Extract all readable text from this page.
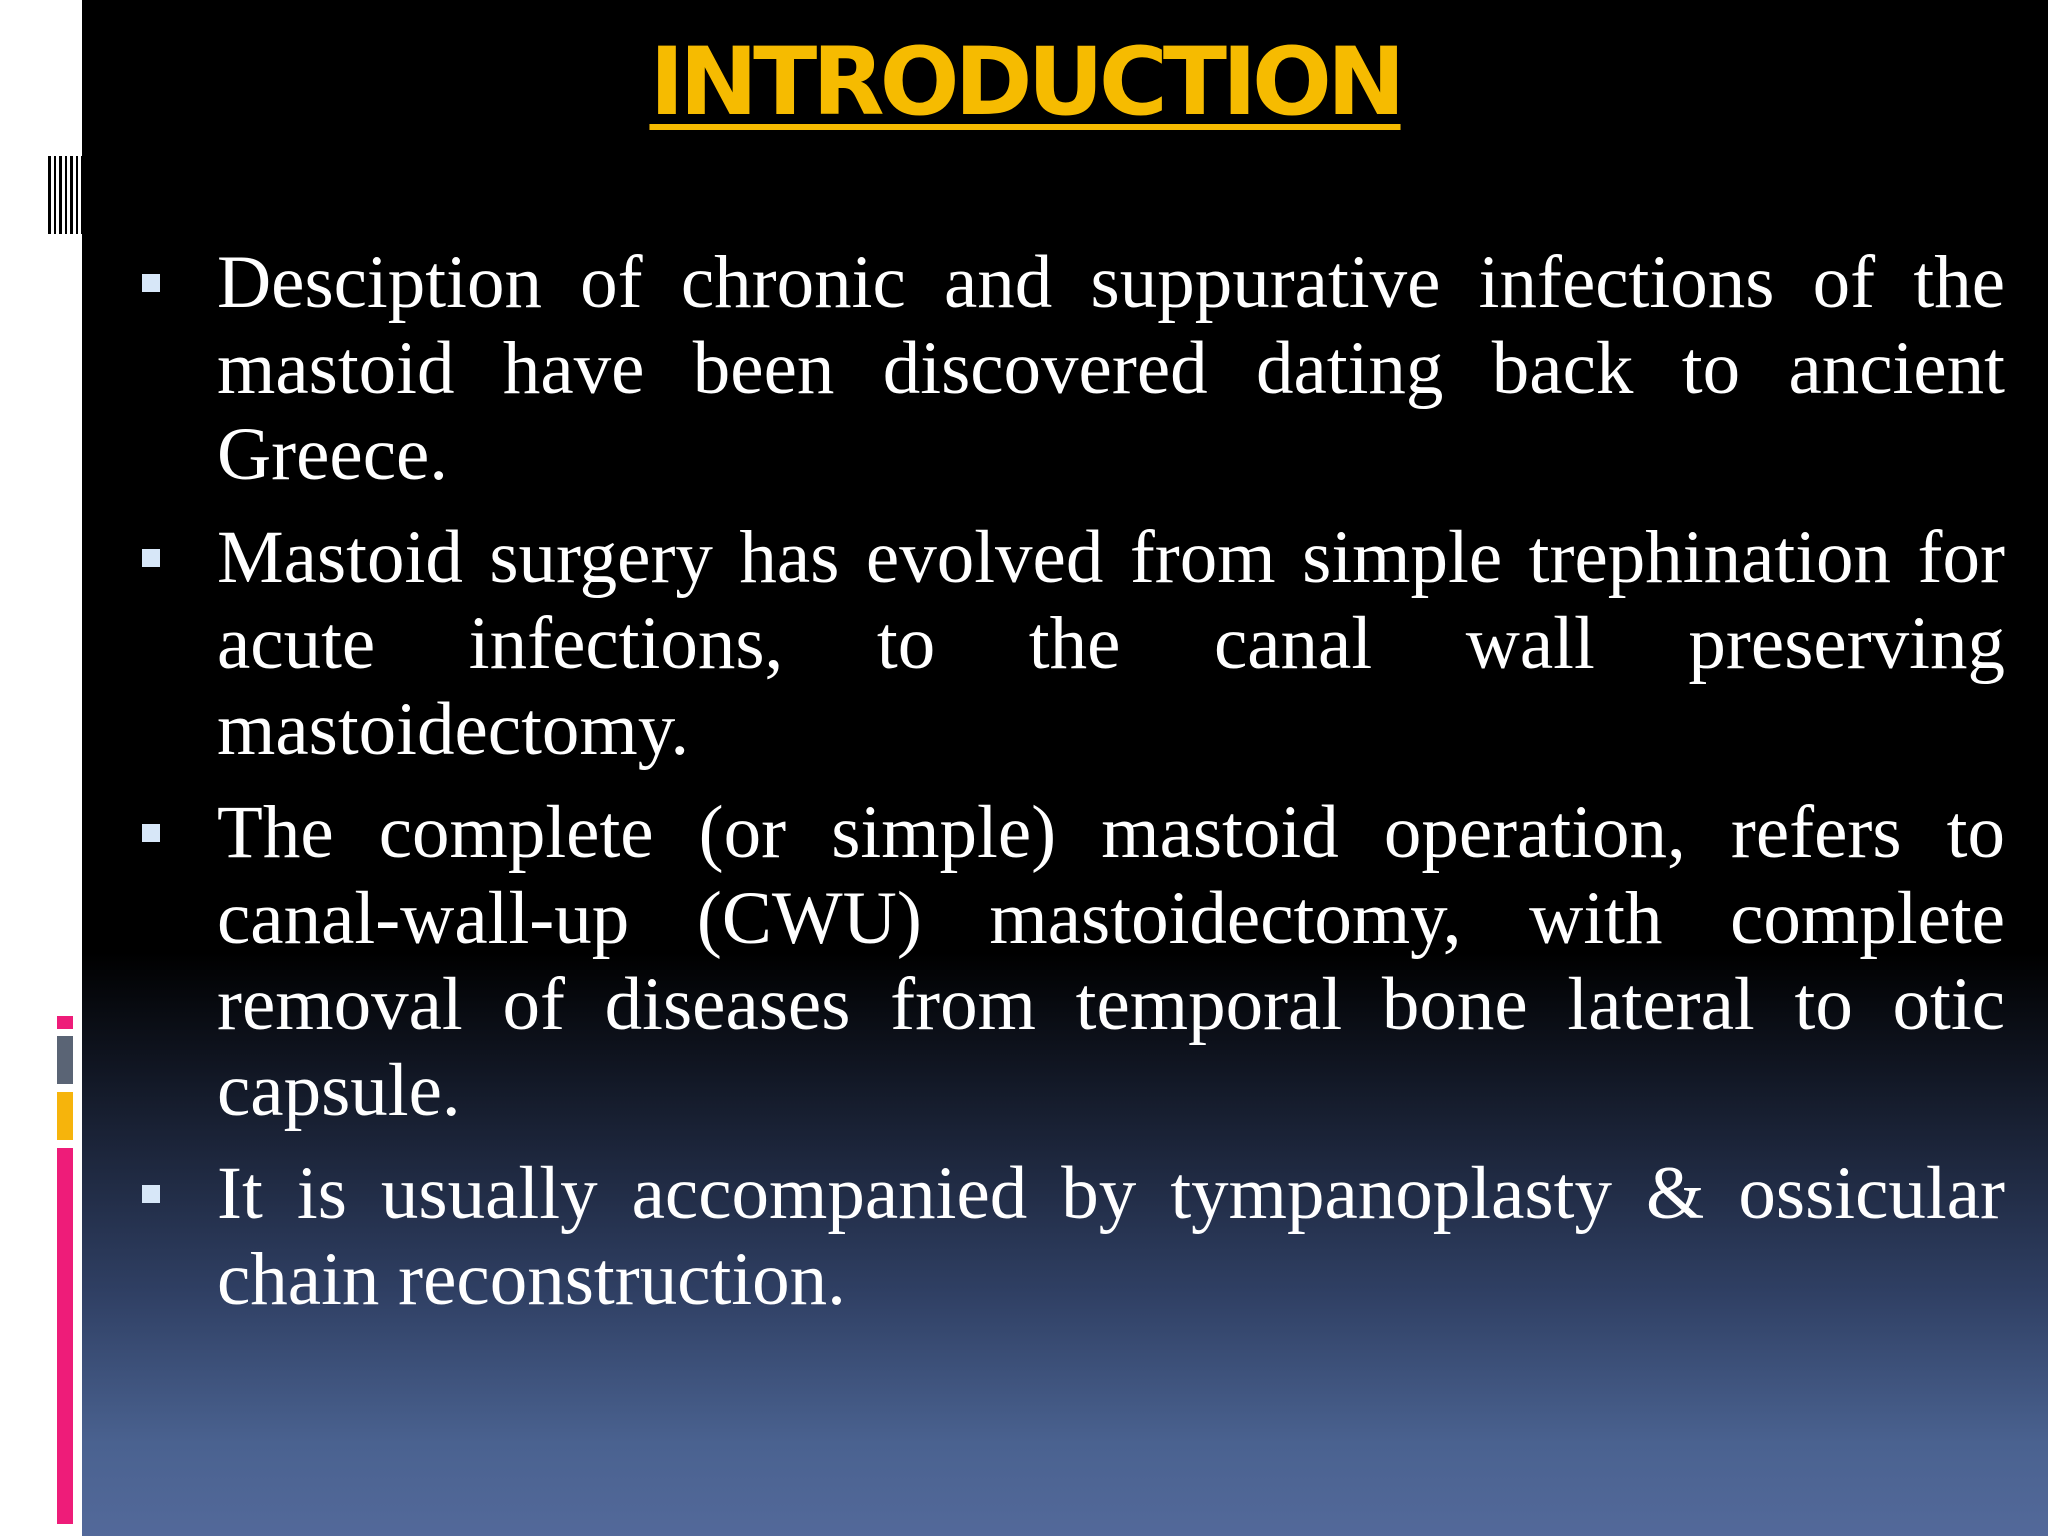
INTRODUCTION
Desciption of chronic and suppurative infections of the mastoid have been discovered dating back to ancient Greece.
Mastoid surgery has evolved from simple trephination for acute infections, to the canal wall preserving mastoidectomy.
The complete (or simple) mastoid operation, refers to canal-wall-up (CWU) mastoidectomy, with complete removal of diseases from temporal bone lateral to otic capsule.
It is usually accompanied by tympanoplasty & ossicular chain reconstruction.
